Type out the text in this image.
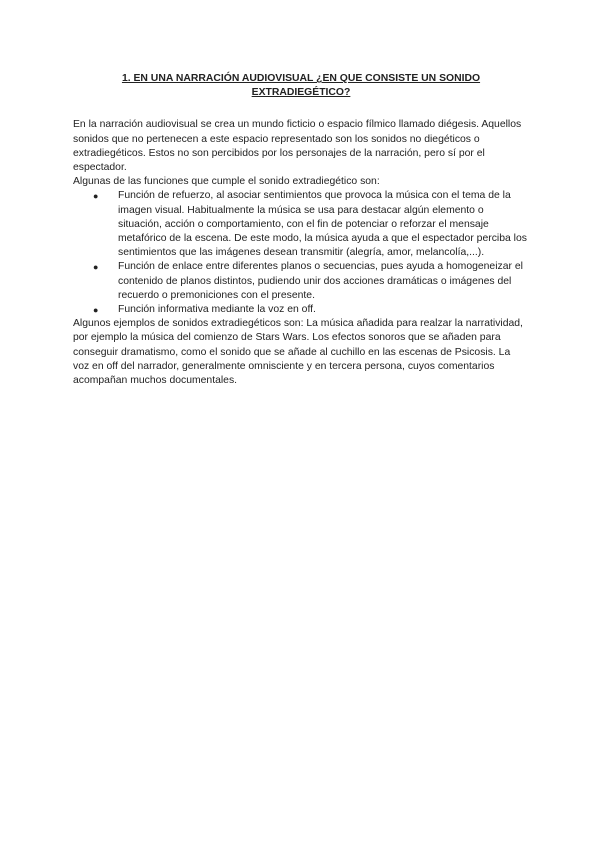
1. EN UNA NARRACIÓN AUDIOVISUAL ¿EN QUE CONSISTE UN SONIDO EXTRADIEGÉTICO?

En la narración audiovisual se crea un mundo ficticio o espacio fílmico llamado diégesis. Aquellos sonidos que no pertenecen a este espacio representado son los sonidos no diegéticos o extradiegéticos. Estos no son percibidos por los personajes de la narración, pero sí por el espectador.

Algunas de las funciones que cumple el sonido extradiegético son:

● Función de refuerzo, al asociar sentimientos que provoca la música con el tema de la imagen visual. Habitualmente la música se usa para destacar algún elemento o situación, acción o comportamiento, con el fin de potenciar o reforzar el mensaje metafórico de la escena. De este modo, la música ayuda a que el espectador perciba los sentimientos que las imágenes desean transmitir (alegría, amor, melancolía,...).
● Función de enlace entre diferentes planos o secuencias, pues ayuda a homogeneizar el contenido de planos distintos, pudiendo unir dos acciones dramáticas o imágenes del recuerdo o premoniciones con el presente.
● Función informativa mediante la voz en off.

Algunos ejemplos de sonidos extradiegéticos son: La música añadida para realzar la narratividad, por ejemplo la música del comienzo de Stars Wars. Los efectos sonoros que se añaden para conseguir dramatismo, como el sonido que se añade al cuchillo en las escenas de Psicosis. La voz en off del narrador, generalmente omnisciente y en tercera persona, cuyos comentarios acompañan muchos documentales.
